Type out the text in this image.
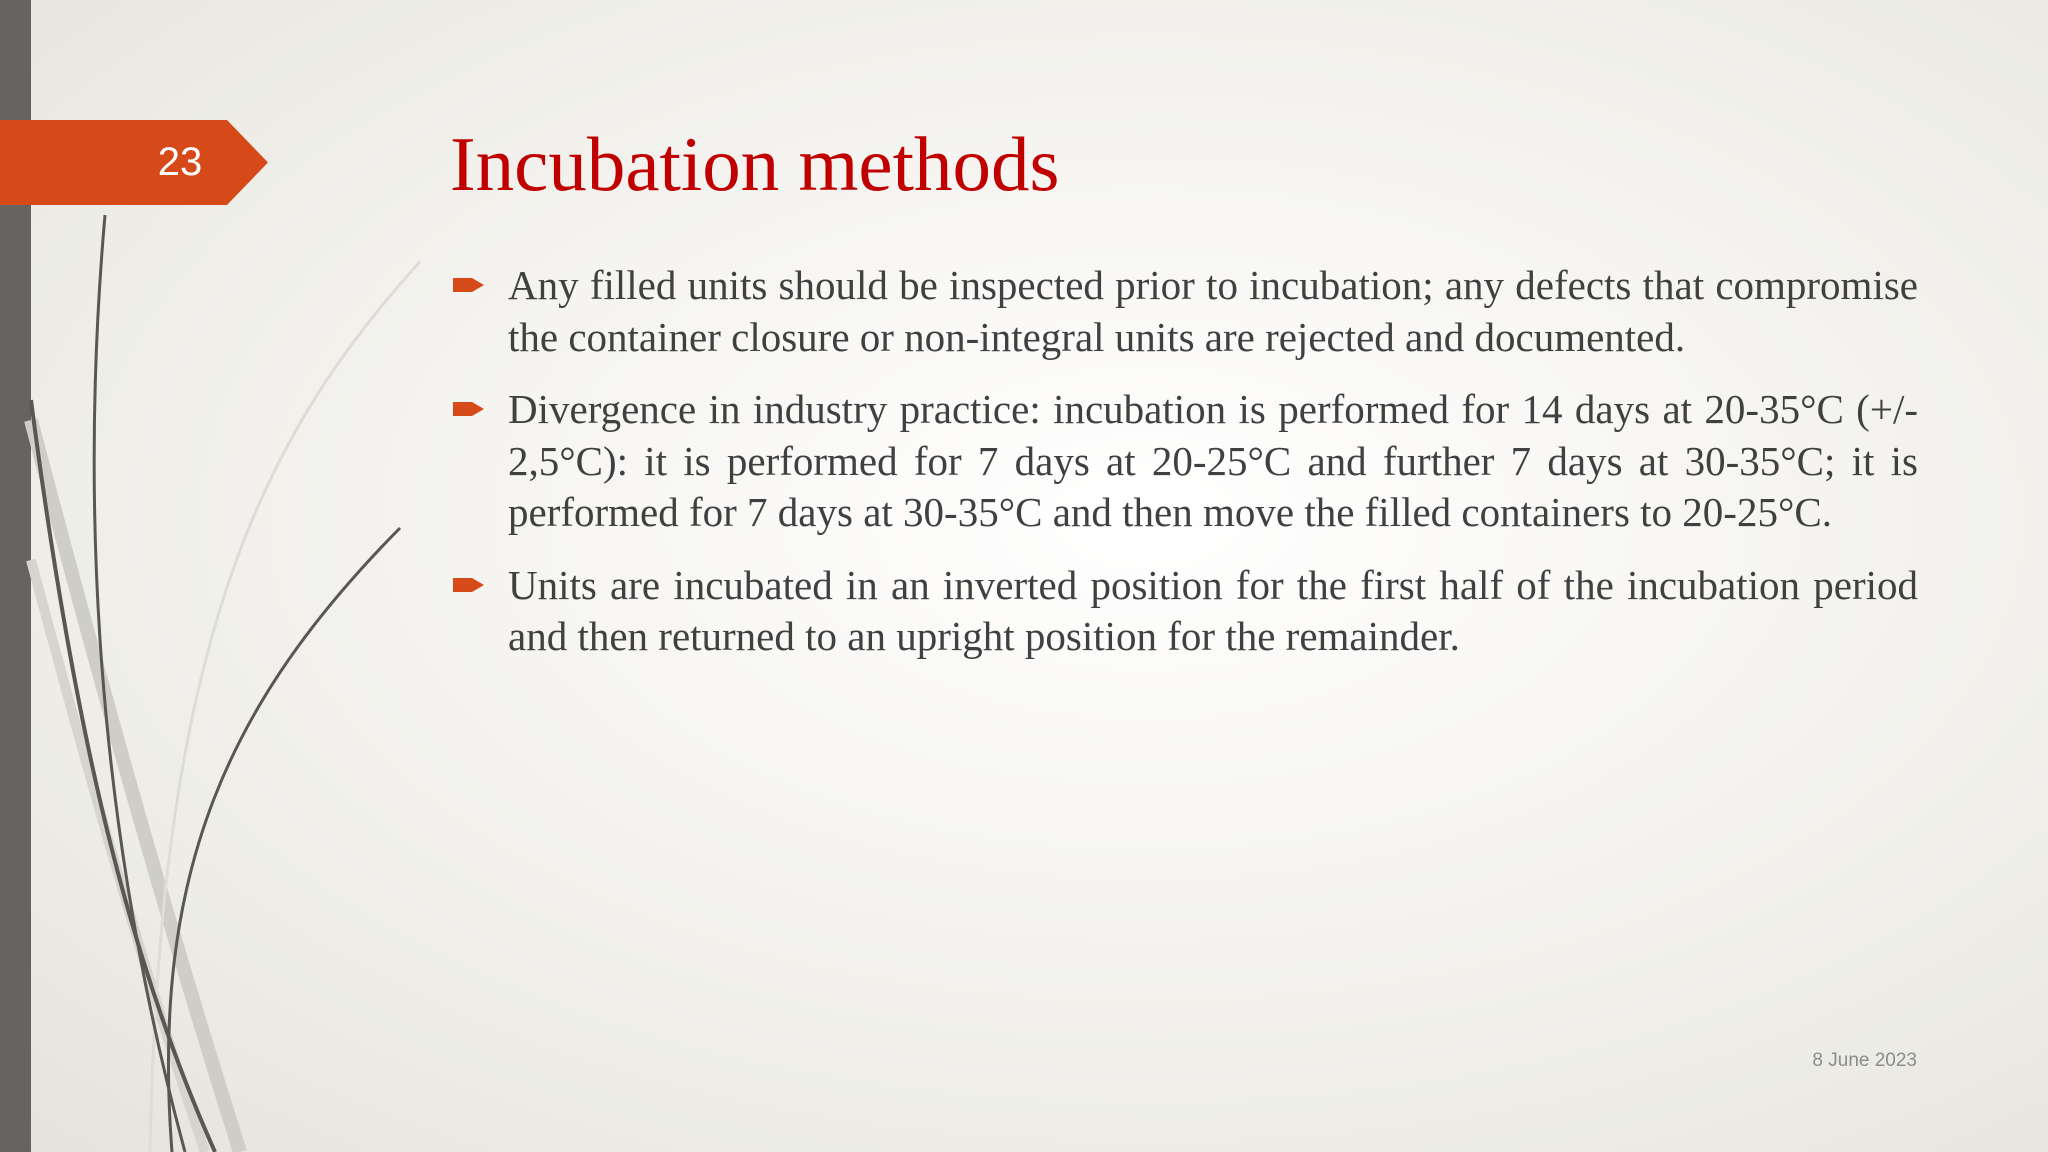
23	Incubation methods
Any filled units should be inspected prior to incubation; any defects that compromise the container closure or non-integral units are rejected and documented.
Divergence in industry practice: incubation is performed for 14 days at 20-35°C (+/- 2,5°C): it is performed for 7 days at 20-25°C and further 7 days at 30-35°C; it is performed for 7 days at 30-35°C and then move the filled containers to 20-25°C.
Units are incubated in an inverted position for the first half of the incubation period and then returned to an upright position for the remainder.
8 June 2023
